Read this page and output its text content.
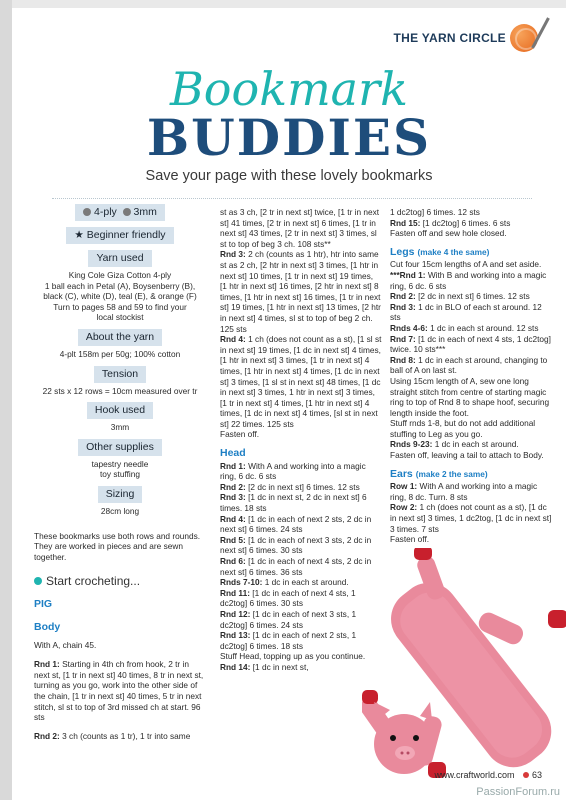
THE YARN CIRCLE
Bookmark
BUDDIES
Save your page with these lovely bookmarks
4-ply 3mm
★ Beginner friendly
Yarn used

King Cole Giza Cotton 4-ply
1 ball each in Petal (A), Boysenberry (B),
black (C), white (D), teal (E), & orange (F)
Turn to pages 58 and 59 to find your
local stockist

About the yarn

4-plt 158m per 50g; 100% cotton

Tension

22 sts x 12 rows = 10cm measured over tr

Hook used

3mm

Other supplies

tapestry needle
toy stuffing

Sizing

28cm long

These bookmarks use both rows and rounds. They are worked in pieces and are sewn together.

Start crocheting...
PIG
Body

With A, chain 45.

Rnd 1: Starting in 4th ch from hook, 2 tr in next st, [1 tr in next st] 40 times, 8 tr in next st, turning as you go, work into the other side of the chain, [1 tr in next st] 40 times, 5 tr in next stitch, sl st to top of 3rd missed ch at start. 96 sts

Rnd 2: 3 ch (counts as 1 tr), 1 tr into same

st as 3 ch, [2 tr in next st] twice, [1 tr in next st] 41 times, [2 tr in next st] 6 times, [1 tr in next st] 43 times, [2 tr in next st] 3 times, sl st to top of beg 3 ch. 108 sts**

Rnd 3: 2 ch (counts as 1 htr), htr into same st as 2 ch, [2 htr in next st] 3 times, [1 htr in next st] 10 times, [1 tr in next st] 19 times, [1 htr in next st] 16 times, [2 htr in next st] 8 times, [1 htr in next st] 16 times, [1 tr in next st] 19 times, [1 htr in next st] 13 times, [2 htr in next st] 4 times, sl st to top of beg 2 ch. 125 sts

Rnd 4: 1 ch (does not count as a st), [1 sl st in next st] 19 times, [1 dc in next st] 4 times, [1 htr in next st] 3 times, [1 tr in next st] 4 times, [1 htr in next st] 4 times, [1 dc in next st] 3 times, [1 sl st in next st] 48 times, [1 dc in next st] 3 times, 1 htr in next st] 3 times, [1 tr in next st] 4 times, [1 htr in next st] 4 times, [1 dc in next st] 4 times, [sl st in next st] 22 times. 125 sts

Fasten off.

Head

Rnd 1: With A and working into a magic ring, 6 dc. 6 sts

Rnd 2: [2 dc in next st] 6 times. 12 sts

Rnd 3: [1 dc in next st, 2 dc in next st] 6 times. 18 sts

Rnd 4: [1 dc in each of next 2 sts, 2 dc in next st] 6 times. 24 sts

Rnd 5: [1 dc in each of next 3 sts, 2 dc in next st] 6 times. 30 sts

Rnd 6: [1 dc in each of next 4 sts, 2 dc in next st] 6 times. 36 sts

Rnds 7-10: 1 dc in each st around.

Rnd 11: [1 dc in each of next 4 sts, 1 dc2tog] 6 times. 30 sts

Rnd 12: [1 dc in each of next 3 sts, 1 dc2tog] 6 times. 24 sts

Rnd 13: [1 dc in each of next 2 sts, 1 dc2tog] 6 times. 18 sts

Stuff Head, topping up as you continue.

Rnd 14: [1 dc in next st,

1 dc2tog] 6 times. 12 sts

Rnd 15: [1 dc2tog] 6 times. 6 sts

Fasten off and sew hole closed.

Legs (make 4 the same)

Cut four 15cm lengths of A and set aside.

***Rnd 1: With B and working into a magic ring, 6 dc. 6 sts

Rnd 2: [2 dc in next st] 6 times. 12 sts

Rnd 3: 1 dc in BLO of each st around. 12 sts

Rnds 4-6: 1 dc in each st around. 12 sts

Rnd 7: [1 dc in each of next 4 sts, 1 dc2tog] twice. 10 sts***

Rnd 8: 1 dc in each st around, changing to ball of A on last st.

Using 15cm length of A, sew one long straight stitch from centre of starting magic ring to top of Rnd 8 to shape hoof, securing length inside the foot.

Stuff rnds 1-8, but do not add additional stuffing to Leg as you go.

Rnds 9-23: 1 dc in each st around.

Fasten off, leaving a tail to attach to Body.

Ears (make 2 the same)

Row 1: With A and working into a magic ring, 8 dc. Turn. 8 sts

Row 2: 1 ch (does not count as a st), [1 dc in next st] 3 times, 1 dc2tog, [1 dc in next st] 3 times. 7 sts

Fasten off.

www.craftworld.com 63
PassionForum.ru
